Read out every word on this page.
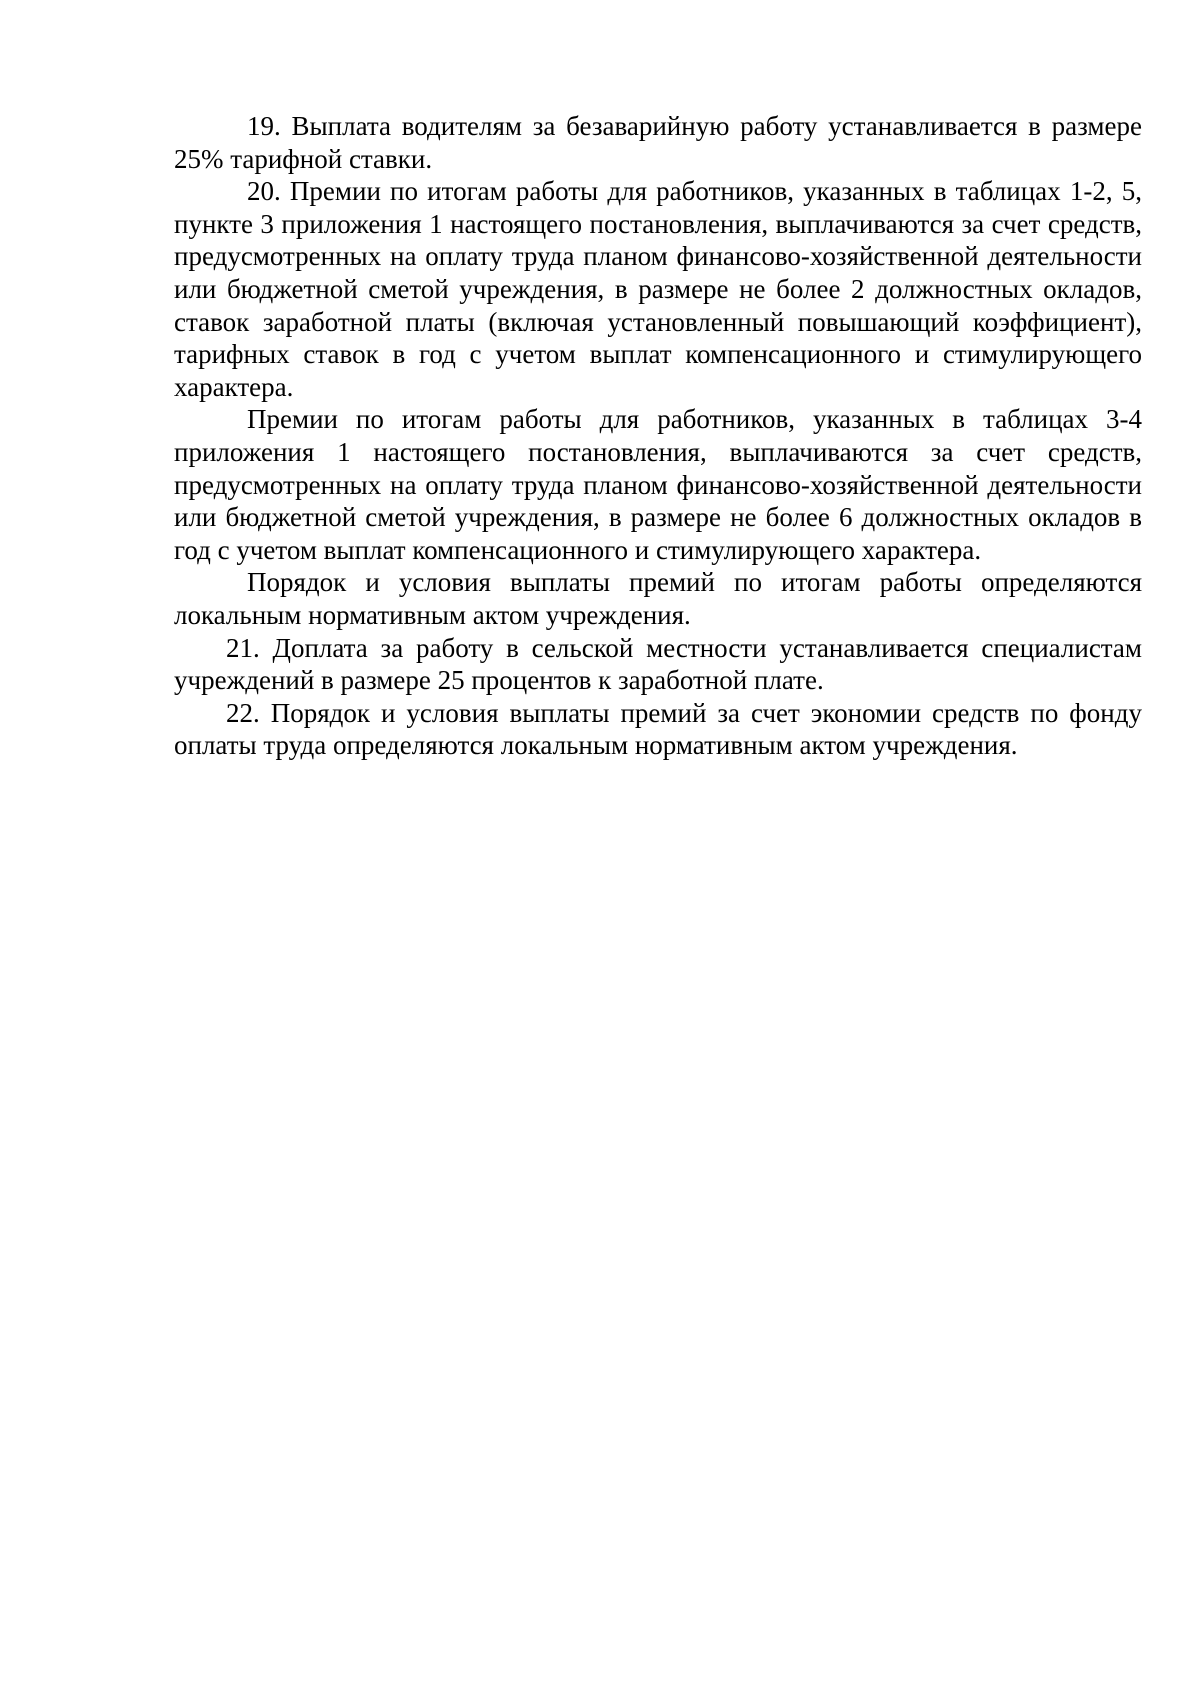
19. Выплата водителям за безаварийную работу устанавливается в размере 25% тарифной ставки.

20. Премии по итогам работы для работников, указанных в таблицах 1-2, 5, пункте 3 приложения 1 настоящего постановления, выплачиваются за счет средств, предусмотренных на оплату труда планом финансово-хозяйственной деятельности или бюджетной сметой учреждения, в размере не более 2 должностных окладов, ставок заработной платы (включая установленный повышающий коэффициент), тарифных ставок в год с учетом выплат компенсационного и стимулирующего характера.

Премии по итогам работы для работников, указанных в таблицах 3-4 приложения 1 настоящего постановления, выплачиваются за счет средств, предусмотренных на оплату труда планом финансово-хозяйственной деятельности или бюджетной сметой учреждения, в размере не более 6 должностных окладов в год с учетом выплат компенсационного и стимулирующего характера.

Порядок и условия выплаты премий по итогам работы определяются локальным нормативным актом учреждения.

21. Доплата за работу в сельской местности устанавливается специалистам учреждений в размере 25 процентов к заработной плате.

22. Порядок и условия выплаты премий за счет экономии средств по фонду оплаты труда определяются локальным нормативным актом учреждения.
